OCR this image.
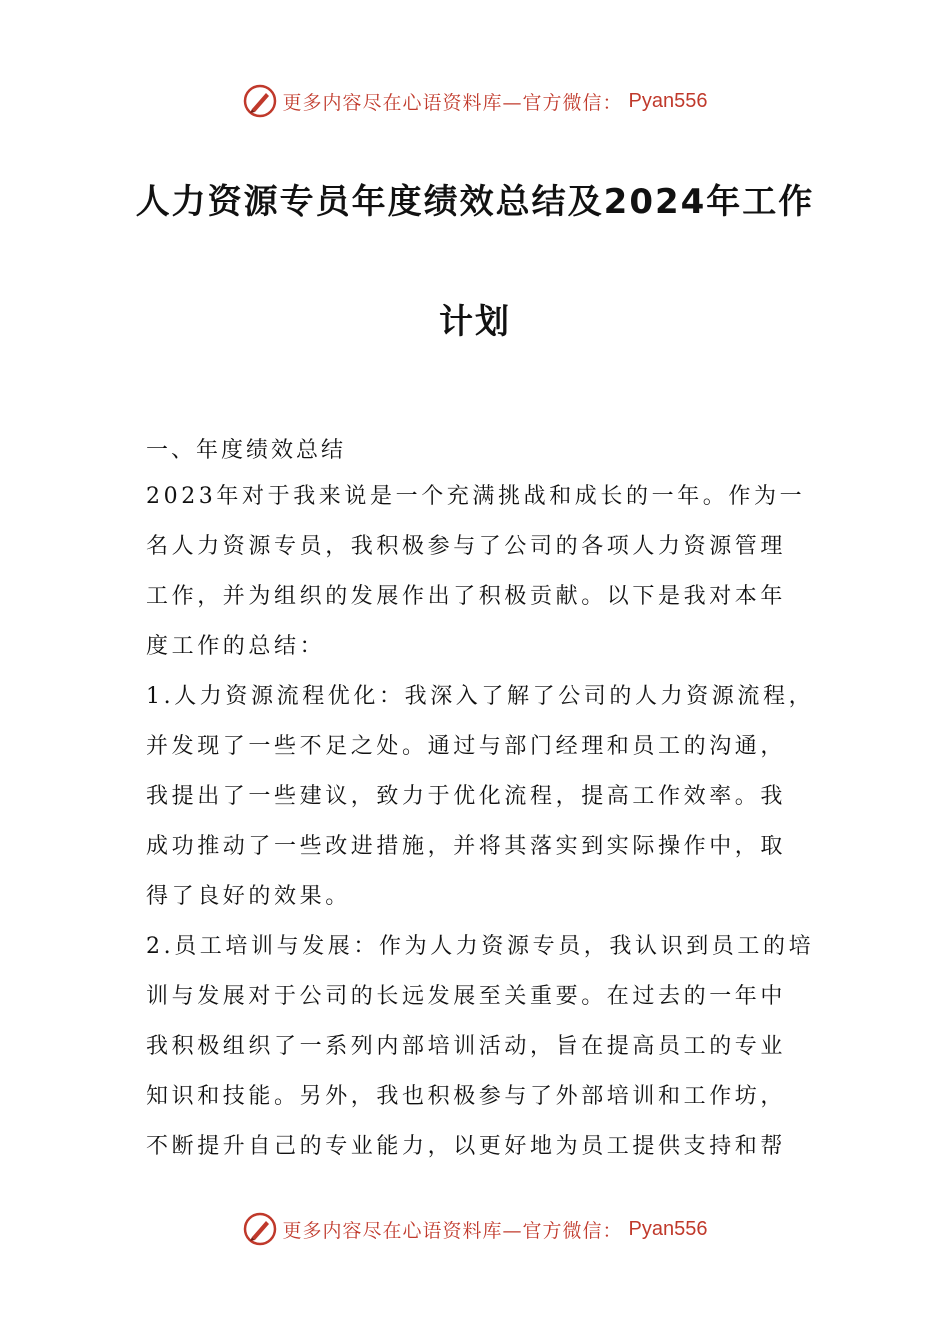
更多内容尽在心语资料库—官方微信： Pyan556
人力资源专员年度绩效总结及2024年工作
计划
一、年度绩效总结
2023年对于我来说是一个充满挑战和成长的一年。作为一
名人力资源专员，我积极参与了公司的各项人力资源管理
工作，并为组织的发展作出了积极贡献。以下是我对本年
度工作的总结：
1.人力资源流程优化：我深入了解了公司的人力资源流程，
并发现了一些不足之处。通过与部门经理和员工的沟通，
我提出了一些建议，致力于优化流程，提高工作效率。我
成功推动了一些改进措施，并将其落实到实际操作中，取
得了良好的效果。
2.员工培训与发展：作为人力资源专员，我认识到员工的培
训与发展对于公司的长远发展至关重要。在过去的一年中
我积极组织了一系列内部培训活动，旨在提高员工的专业
知识和技能。另外，我也积极参与了外部培训和工作坊，
不断提升自己的专业能力，以更好地为员工提供支持和帮
更多内容尽在心语资料库—官方微信： Pyan556
